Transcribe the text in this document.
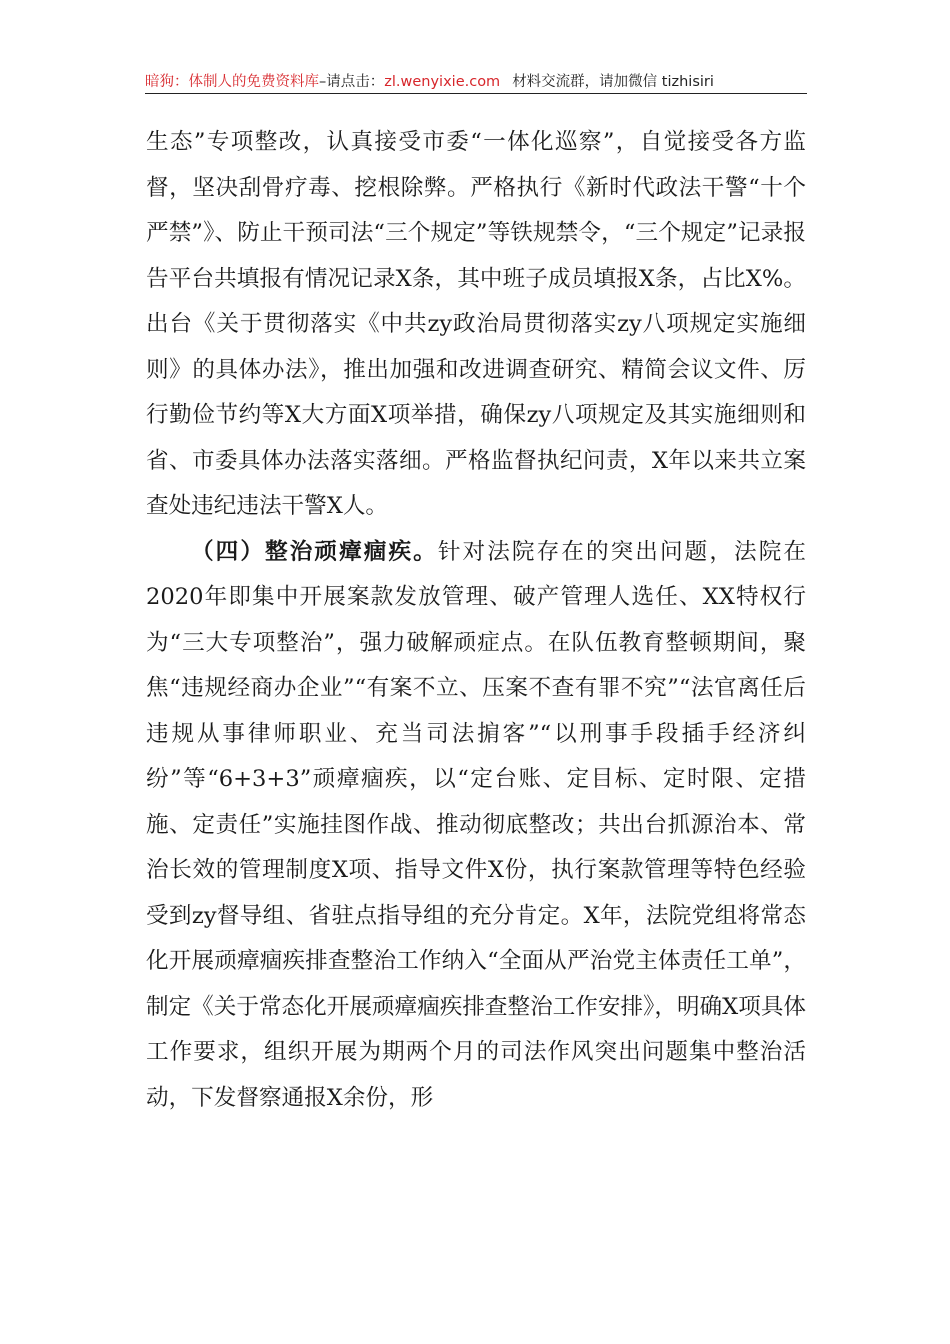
暗狗：体制人的免费资料库–请点击：zl.wenyixie.com 材料交流群，请加微信 tizhisiri

生态”专项整改，认真接受市委“一体化巡察”，自觉接受各方监督，坚决刮骨疗毒、挖根除弊。严格执行《新时代政法干警“十个严禁”》、防止干预司法“三个规定”等铁规禁令，“三个规定”记录报告平台共填报有情况记录X条，其中班子成员填报X条，占比X%。出台《关于贯彻落实《中共zy政治局贯彻落实zy八项规定实施细则》的具体办法》，推出加强和改进调查研究、精简会议文件、厉行勤俭节约等X大方面X项举措，确保zy八项规定及其实施细则和省、市委具体办法落实落细。严格监督执纪问责，X年以来共立案查处违纪违法干警X人。

（四）整治顽瘴痼疾。针对法院存在的突出问题，法院在2020年即集中开展案款发放管理、破产管理人选任、XX特权行为“三大专项整治”，强力破解顽症点。在队伍教育整顿期间，聚焦“违规经商办企业”“有案不立、压案不查有罪不究”“法官离任后违规从事律师职业、充当司法掮客”“以刑事手段插手经济纠纷”等“6+3+3”顽瘴痼疾，以“定台账、定目标、定时限、定措施、定责任”实施挂图作战、推动彻底整改；共出台抓源治本、常治长效的管理制度X项、指导文件X份，执行案款管理等特色经验受到zy督导组、省驻点指导组的充分肯定。X年，法院党组将常态化开展顽瘴痼疾排查整治工作纳入“全面从严治党主体责任工单”，制定《关于常态化开展顽瘴痼疾排查整治工作安排》，明确X项具体工作要求，组织开展为期两个月的司法作风突出问题集中整治活动，下发督察通报X余份，形
